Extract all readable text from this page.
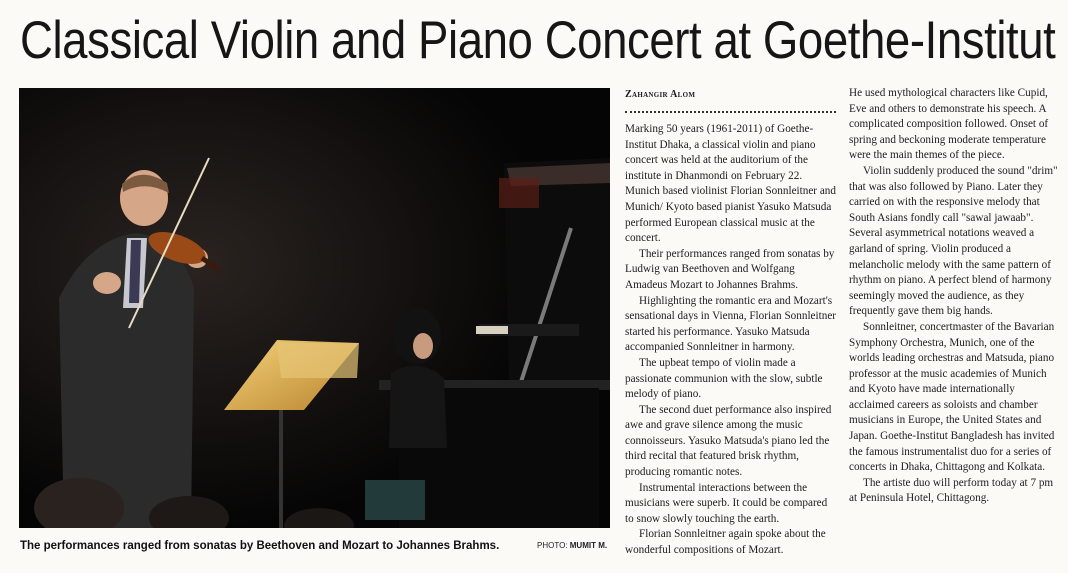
Classical Violin and Piano Concert at Goethe-Institut
The performances ranged from sonatas by Beethoven and Mozart to Johannes Brahms.	PHOTO: MUMIT M.
Zahangir Alom

Marking 50 years (1961-2011) of Goethe-Institut Dhaka, a classical violin and piano concert was held at the auditorium of the institute in Dhanmondi on February 22. Munich based violinist Florian Sonnleitner and Munich/ Kyoto based pianist Yasuko Matsuda performed European classical music at the concert.

Their performances ranged from sonatas by Ludwig van Beethoven and Wolfgang Amadeus Mozart to Johannes Brahms.

Highlighting the romantic era and Mozart's sensational days in Vienna, Florian Sonnleitner started his performance. Yasuko Matsuda accompanied Sonnleitner in harmony.

The upbeat tempo of violin made a passionate communion with the slow, subtle melody of piano.

The second duet performance also inspired awe and grave silence among the music connoisseurs. Yasuko Matsuda's piano led the third recital that featured brisk rhythm, producing romantic notes.

Instrumental interactions between the musicians were superb. It could be compared to snow slowly touching the earth.

Florian Sonnleitner again spoke about the wonderful compositions of Mozart.

He used mythological characters like Cupid, Eve and others to demonstrate his speech. A complicated composition followed. Onset of spring and beckoning moderate temperature were the main themes of the piece.

Violin suddenly produced the sound "drim" that was also followed by Piano. Later they carried on with the responsive melody that South Asians fondly call "sawal jawaab". Several asymmetrical notations weaved a garland of spring. Violin produced a melancholic melody with the same pattern of rhythm on piano. A perfect blend of harmony seemingly moved the audience, as they frequently gave them big hands.

Sonnleitner, concertmaster of the Bavarian Symphony Orchestra, Munich, one of the worlds leading orchestras and Matsuda, piano professor at the music academies of Munich and Kyoto have made internationally acclaimed careers as soloists and chamber musicians in Europe, the United States and Japan. Goethe-Institut Bangladesh has invited the famous instrumentalist duo for a series of concerts in Dhaka, Chittagong and Kolkata.

The artiste duo will perform today at 7 pm at Peninsula Hotel, Chittagong.
